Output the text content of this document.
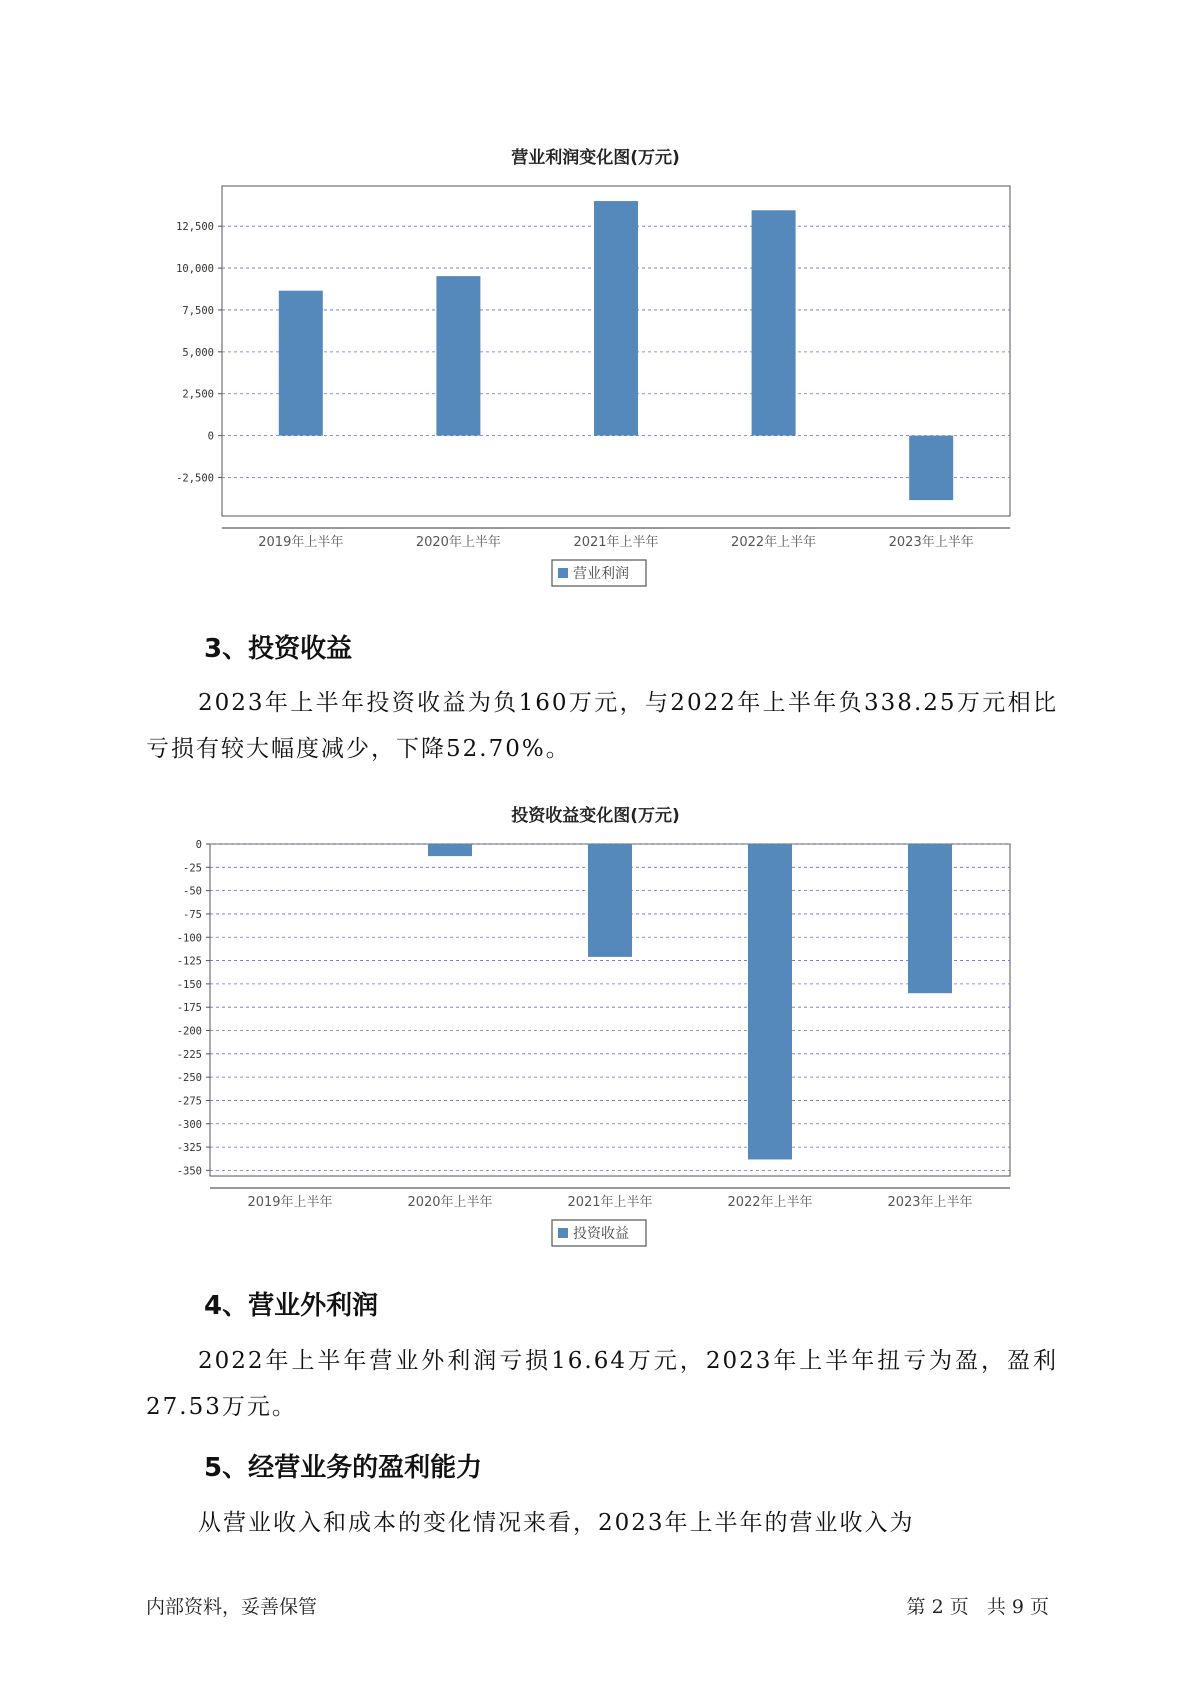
营业利润变化图(万元)
12,500
10,000
7,500
5,000
2,500
0
-2,500
2019年上半年	2020年上半年	2021年上半年	2022年上半年	2023年上半年
营业利润
3、投资收益

2023年上半年投资收益为负160万元，与2022年上半年负338.25万元相比亏损有较大幅度减少，下降52.70%。

投资收益变化图(万元)
0
-25
-50
-75
-100
-125
-150
-175
-200
-225
-250
-275
-300
-325
-350
2019年上半年	2020年上半年	2021年上半年	2022年上半年	2023年上半年
投资收益
4、营业外利润

2022年上半年营业外利润亏损16.64万元，2023年上半年扭亏为盈，盈利27.53万元。

5、经营业务的盈利能力

从营业收入和成本的变化情况来看，2023年上半年的营业收入为

内部资料，妥善保管	第 2 页   共 9 页
